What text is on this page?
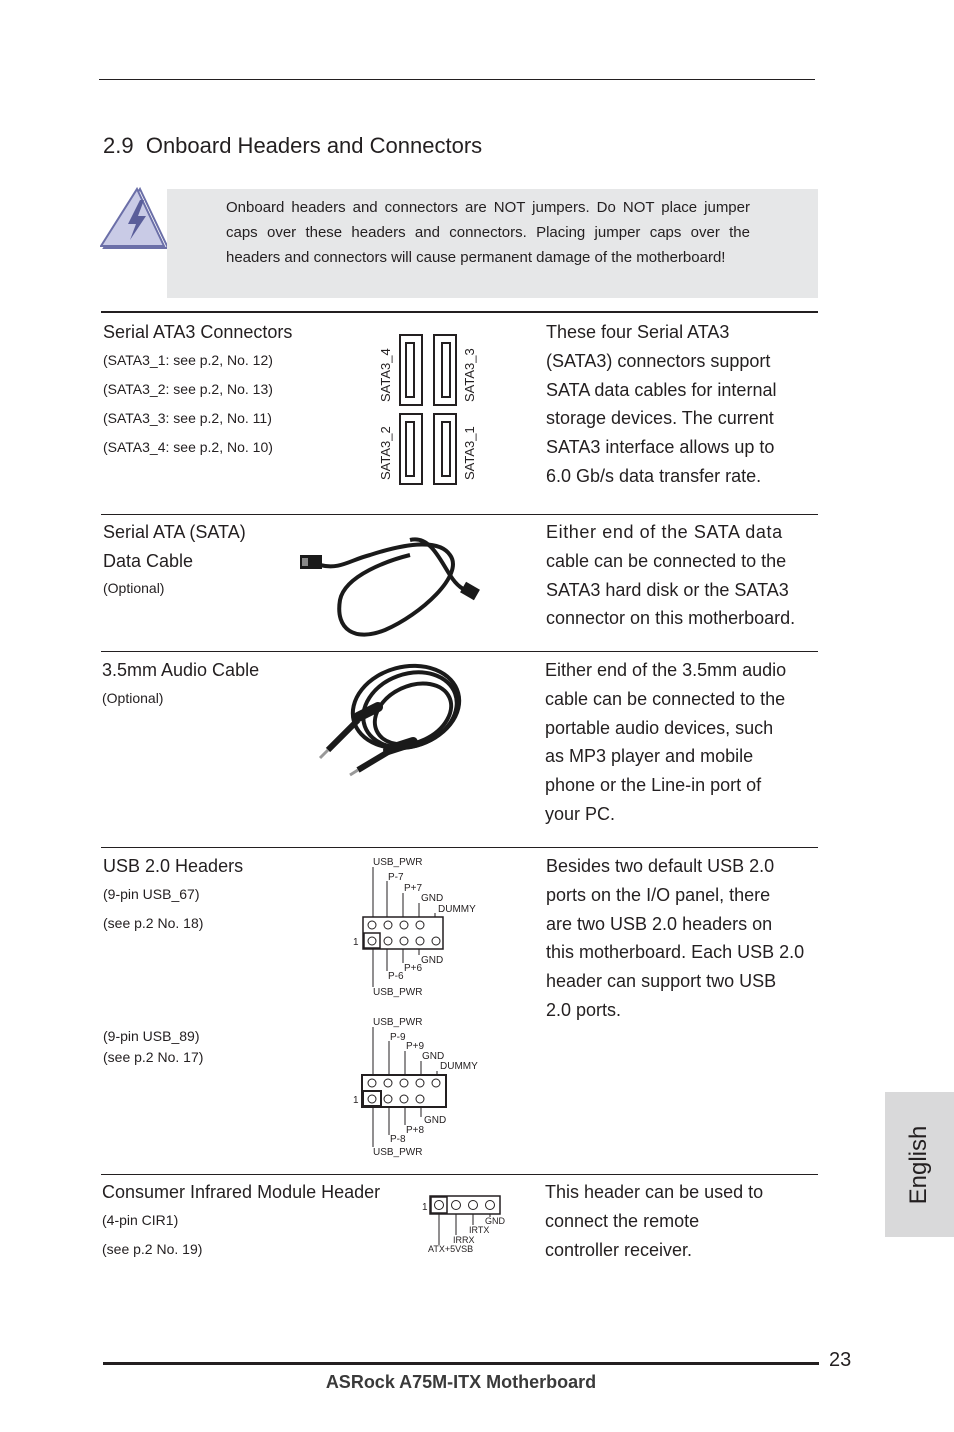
2.9 Onboard Headers and Connectors
Onboard headers and connectors are NOT jumpers. Do NOT place jumper caps over these headers and connectors. Placing jumper caps over the headers and connectors will cause permanent damage of the motherboard!
Serial ATA3 Connectors
(SATA3_1: see p.2, No. 12)
(SATA3_2: see p.2, No. 13)
(SATA3_3: see p.2, No. 11)
(SATA3_4: see p.2, No. 10)
SATA3_4	SATA3_3
SATA3_2	SATA3_1
These four Serial ATA3
(SATA3) connectors support
SATA data cables for internal
storage devices. The current
SATA3 interface allows up to
6.0 Gb/s data transfer rate.
Serial ATA (SATA)
Data Cable
(Optional)
Either end of the SATA data
cable can be connected to the
SATA3 hard disk or the SATA3
connector on this motherboard.
3.5mm Audio Cable
(Optional)
Either end of the 3.5mm audio
cable can be connected to the
portable audio devices, such
as MP3 player and mobile
phone or the Line-in port of
your PC.
USB 2.0 Headers
(9-pin USB_67)
(see p.2 No. 18)
(9-pin USB_89)
(see p.2 No. 17)
USB_PWR
P-7
P+7
GND
DUMMY
GND
P+6
P-6
USB_PWR
1
USB_PWR
P-9
P+9
GND
DUMMY
GND
P+8
P-8
USB_PWR
1
Besides two default USB 2.0
ports on the I/O panel, there
are two USB 2.0 headers on
this motherboard. Each USB 2.0
header can support two USB
2.0 ports.
Consumer Infrared Module Header
(4-pin CIR1)
(see p.2 No. 19)
1
GND
IRTX
IRRX
ATX+5VSB
This header can be used to
connect the remote
controller receiver.
English
23
ASRock A75M-ITX Motherboard
